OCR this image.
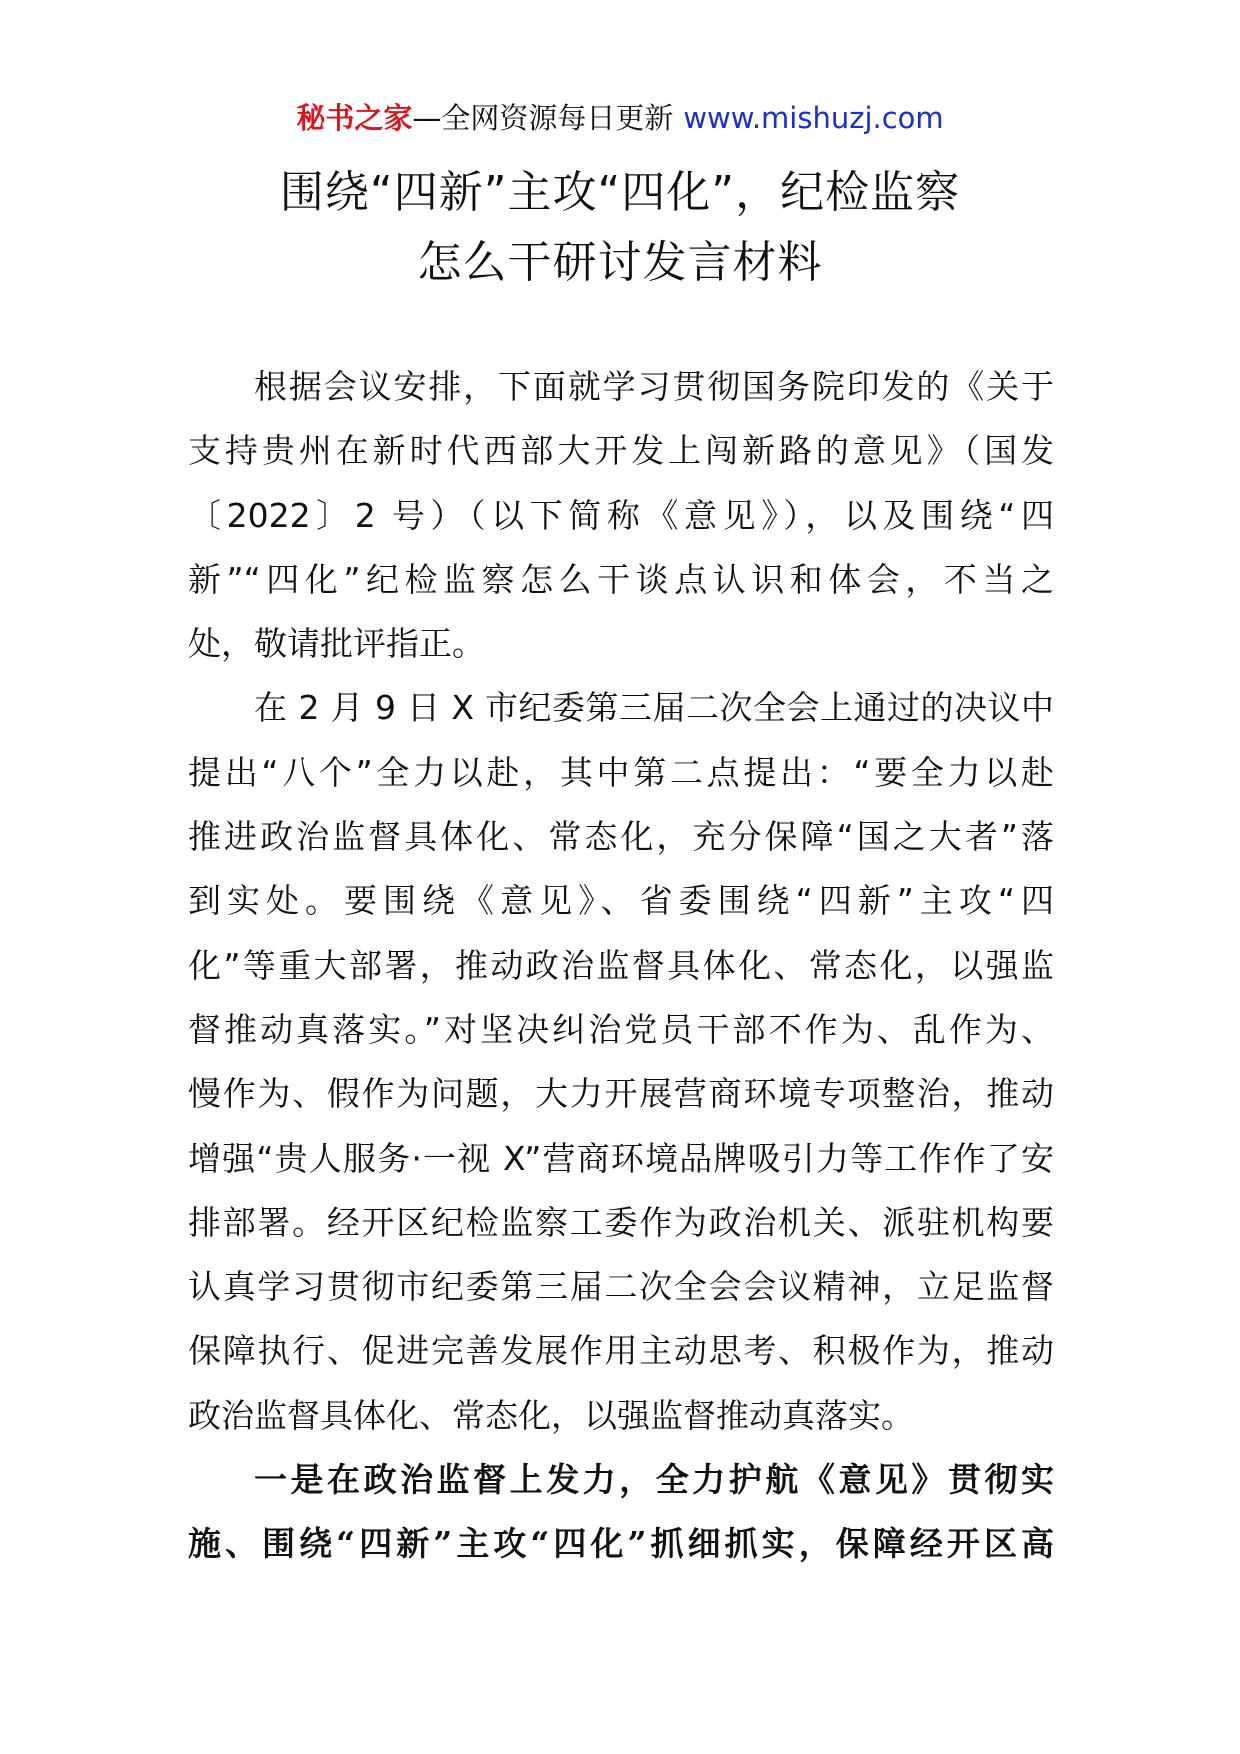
秘书之家—全网资源每日更新 www.mishuzj.com
围绕“四新”主攻“四化”，纪检监察
怎么干研讨发言材料
根据会议安排，下面就学习贯彻国务院印发的《关于
支持贵州在新时代西部大开发上闯新路的意见》（国发
〔2022〕2 号）（以下简称《意见》），以及围绕“四
新”“四化”纪检监察怎么干谈点认识和体会，不当之
处，敬请批评指正。
在 2 月 9 日 X 市纪委第三届二次全会上通过的决议中
提出“八个”全力以赴，其中第二点提出：“要全力以赴
推进政治监督具体化、常态化，充分保障“国之大者”落
到实处。要围绕《意见》、省委围绕“四新”主攻“四
化”等重大部署，推动政治监督具体化、常态化，以强监
督推动真落实。”对坚决纠治党员干部不作为、乱作为、
慢作为、假作为问题，大力开展营商环境专项整治，推动
增强“贵人服务·一视 X”营商环境品牌吸引力等工作作了安
排部署。经开区纪检监察工委作为政治机关、派驻机构要
认真学习贯彻市纪委第三届二次全会会议精神，立足监督
保障执行、促进完善发展作用主动思考、积极作为，推动
政治监督具体化、常态化，以强监督推动真落实。
一是在政治监督上发力，全力护航《意见》贯彻实
施、围绕“四新”主攻“四化”抓细抓实，保障经开区高
